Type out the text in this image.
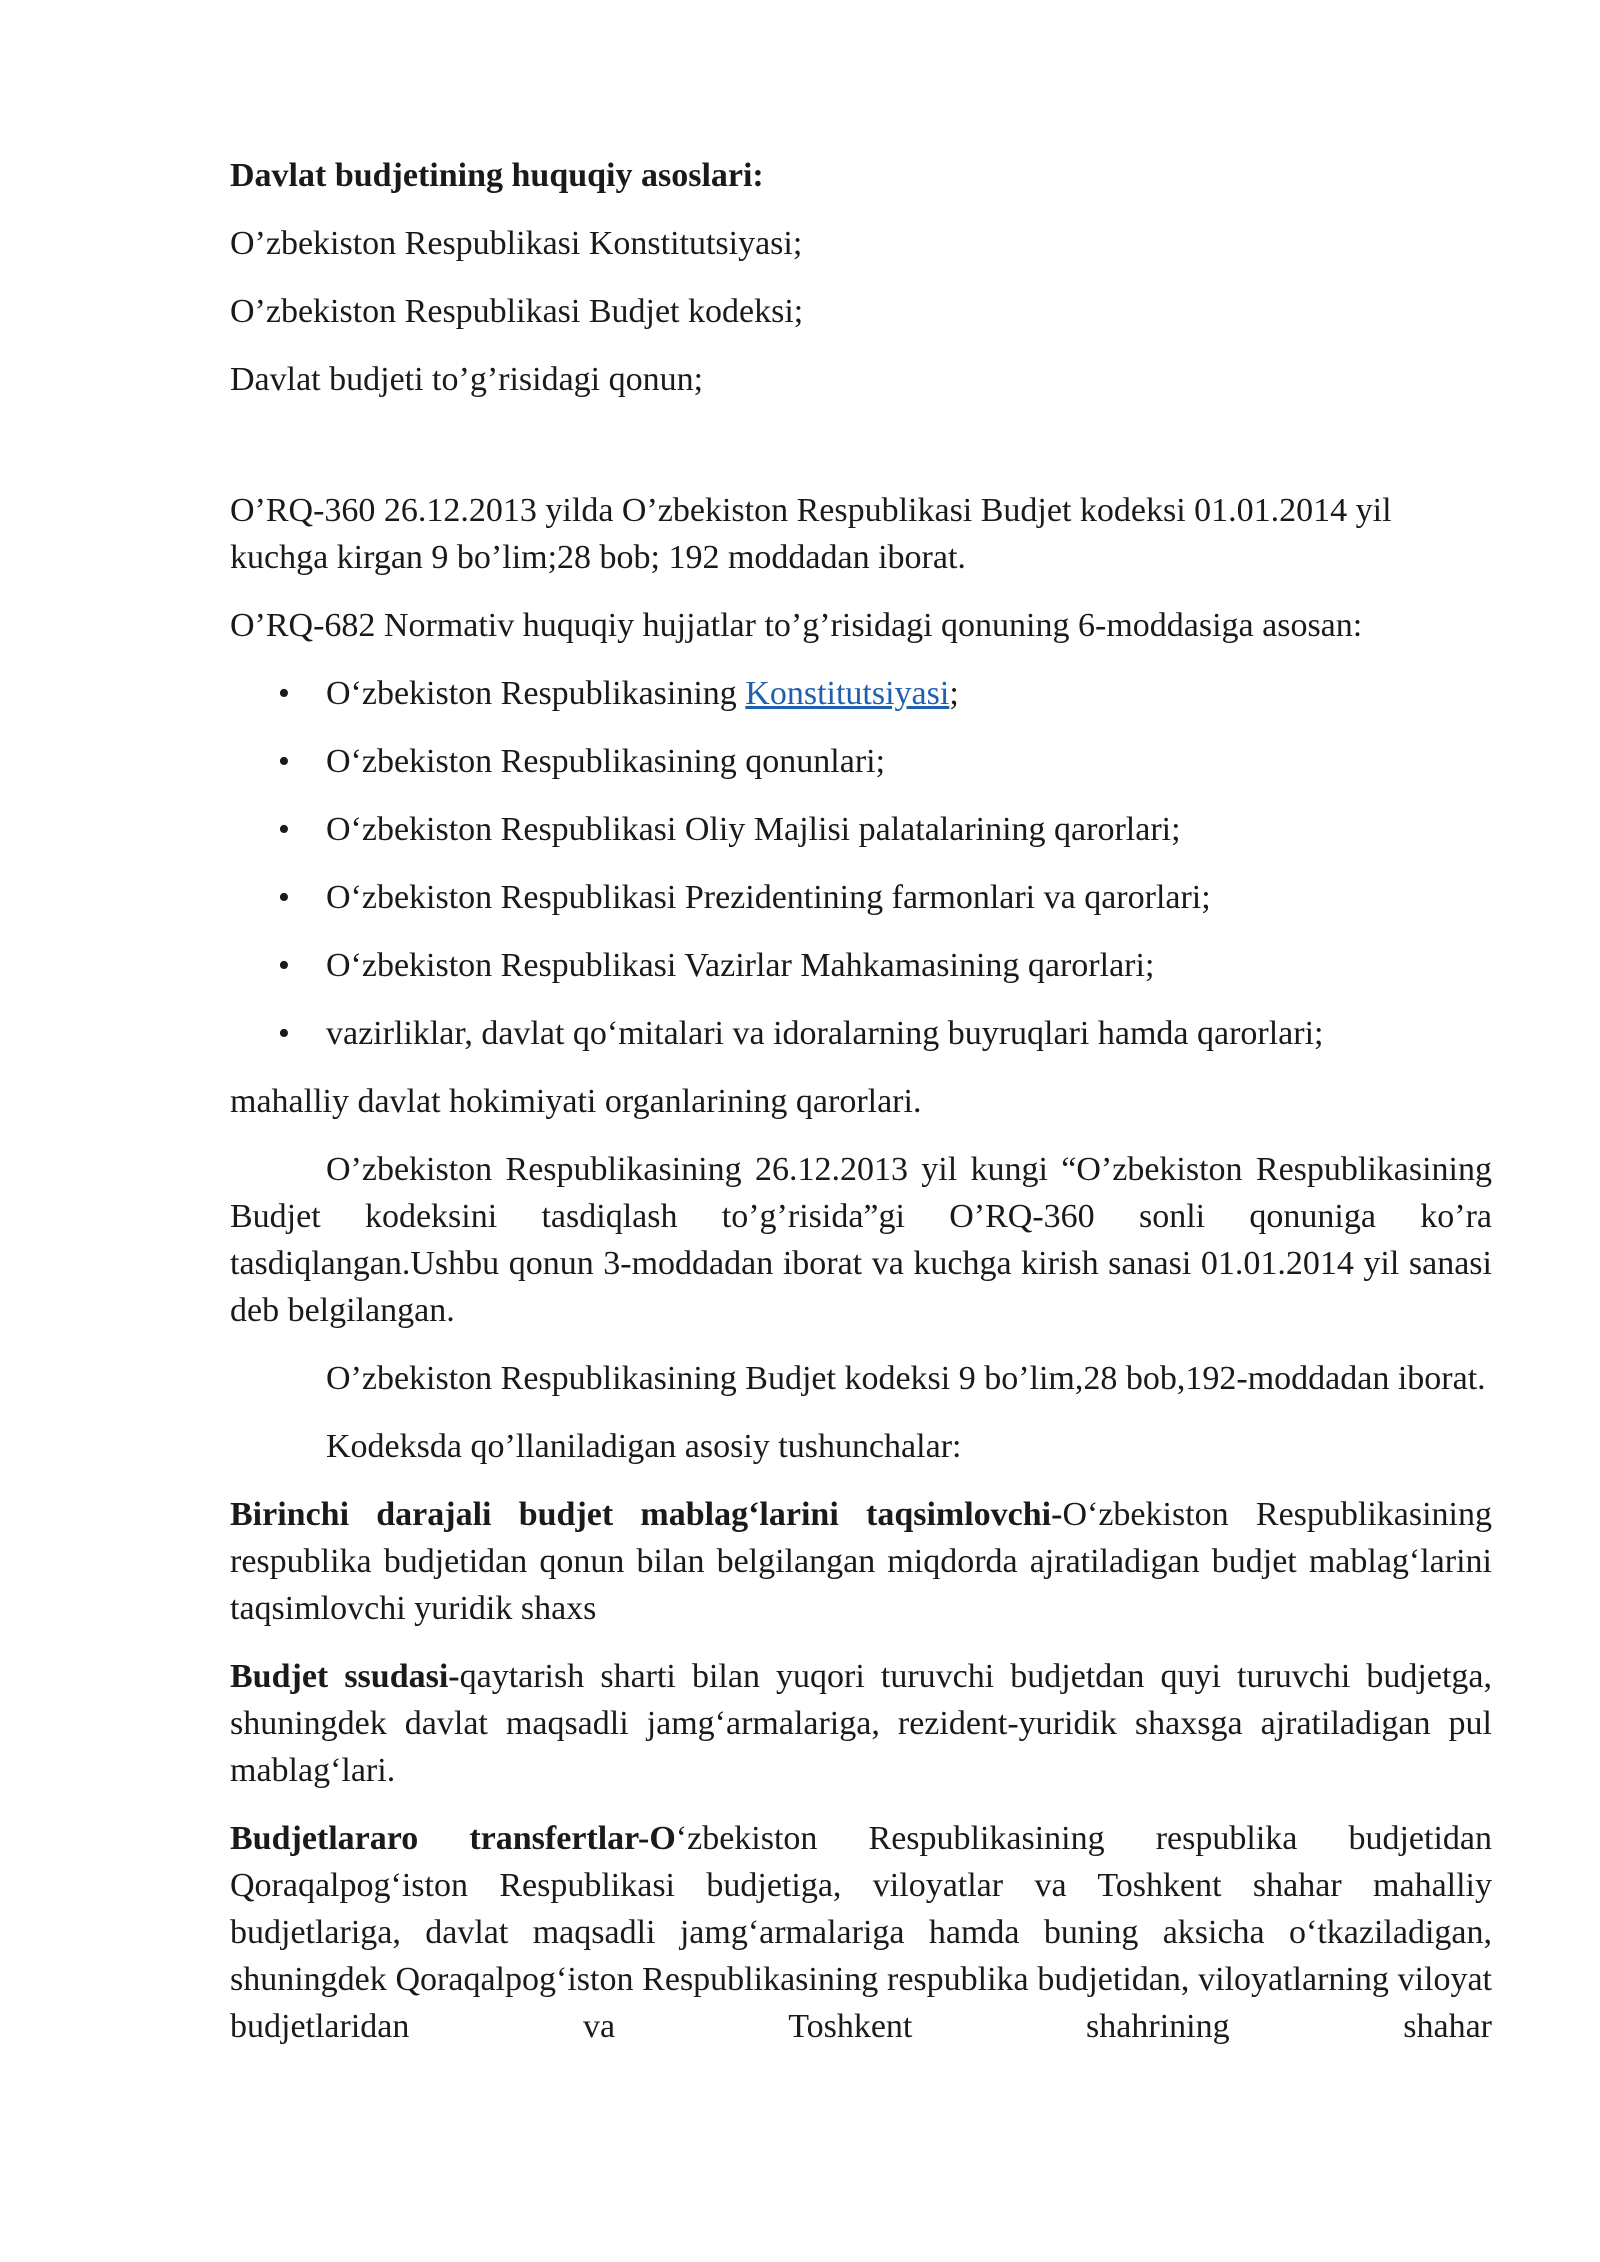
Davlat budjetining huquqiy asoslari:

O’zbekiston Respublikasi Konstitutsiyasi;

O’zbekiston Respublikasi Budjet kodeksi;

Davlat budjeti to’g’risidagi qonun;

O’RQ-360 26.12.2013 yilda O’zbekiston Respublikasi Budjet kodeksi 01.01.2014 yil kuchga kirgan 9 bo’lim;28 bob; 192 moddadan iborat.

O’RQ-682 Normativ huquqiy hujjatlar to’g’risidagi qonuning 6-moddasiga asosan:

• O‘zbekiston Respublikasining Konstitutsiyasi;
• O‘zbekiston Respublikasining qonunlari;
• O‘zbekiston Respublikasi Oliy Majlisi palatalarining qarorlari;
• O‘zbekiston Respublikasi Prezidentining farmonlari va qarorlari;
• O‘zbekiston Respublikasi Vazirlar Mahkamasining qarorlari;
• vazirliklar, davlat qo‘mitalari va idoralarning buyruqlari hamda qarorlari;

mahalliy davlat hokimiyati organlarining qarorlari.

O’zbekiston Respublikasining 26.12.2013 yil kungi “O’zbekiston Respublikasining Budjet kodeksini tasdiqlash to’g’risida”gi O’RQ-360 sonli qonuniga ko’ra tasdiqlangan.Ushbu qonun 3-moddadan iborat va kuchga kirish sanasi 01.01.2014 yil sanasi deb belgilangan.

O’zbekiston Respublikasining Budjet kodeksi 9 bo’lim,28 bob,192-moddadan iborat.

Kodeksda qo’llaniladigan asosiy tushunchalar:

Birinchi darajali budjet mablag‘larini taqsimlovchi-O‘zbekiston Respublikasining respublika budjetidan qonun bilan belgilangan miqdorda ajratiladigan budjet mablag‘larini taqsimlovchi yuridik shaxs

Budjet ssudasi-qaytarish sharti bilan yuqori turuvchi budjetdan quyi turuvchi budjetga, shuningdek davlat maqsadli jamg‘armalariga, rezident-yuridik shaxsga ajratiladigan pul mablag‘lari.

Budjetlararo transfertlar-O‘zbekiston Respublikasining respublika budjetidan Qoraqalpog‘iston Respublikasi budjetiga, viloyatlar va Toshkent shahar mahalliy budjetlariga, davlat maqsadli jamg‘armalariga hamda buning aksicha o‘tkaziladigan, shuningdek Qoraqalpog‘iston Respublikasining respublika budjetidan, viloyatlarning viloyat budjetlaridan va Toshkent shahrining shahar
